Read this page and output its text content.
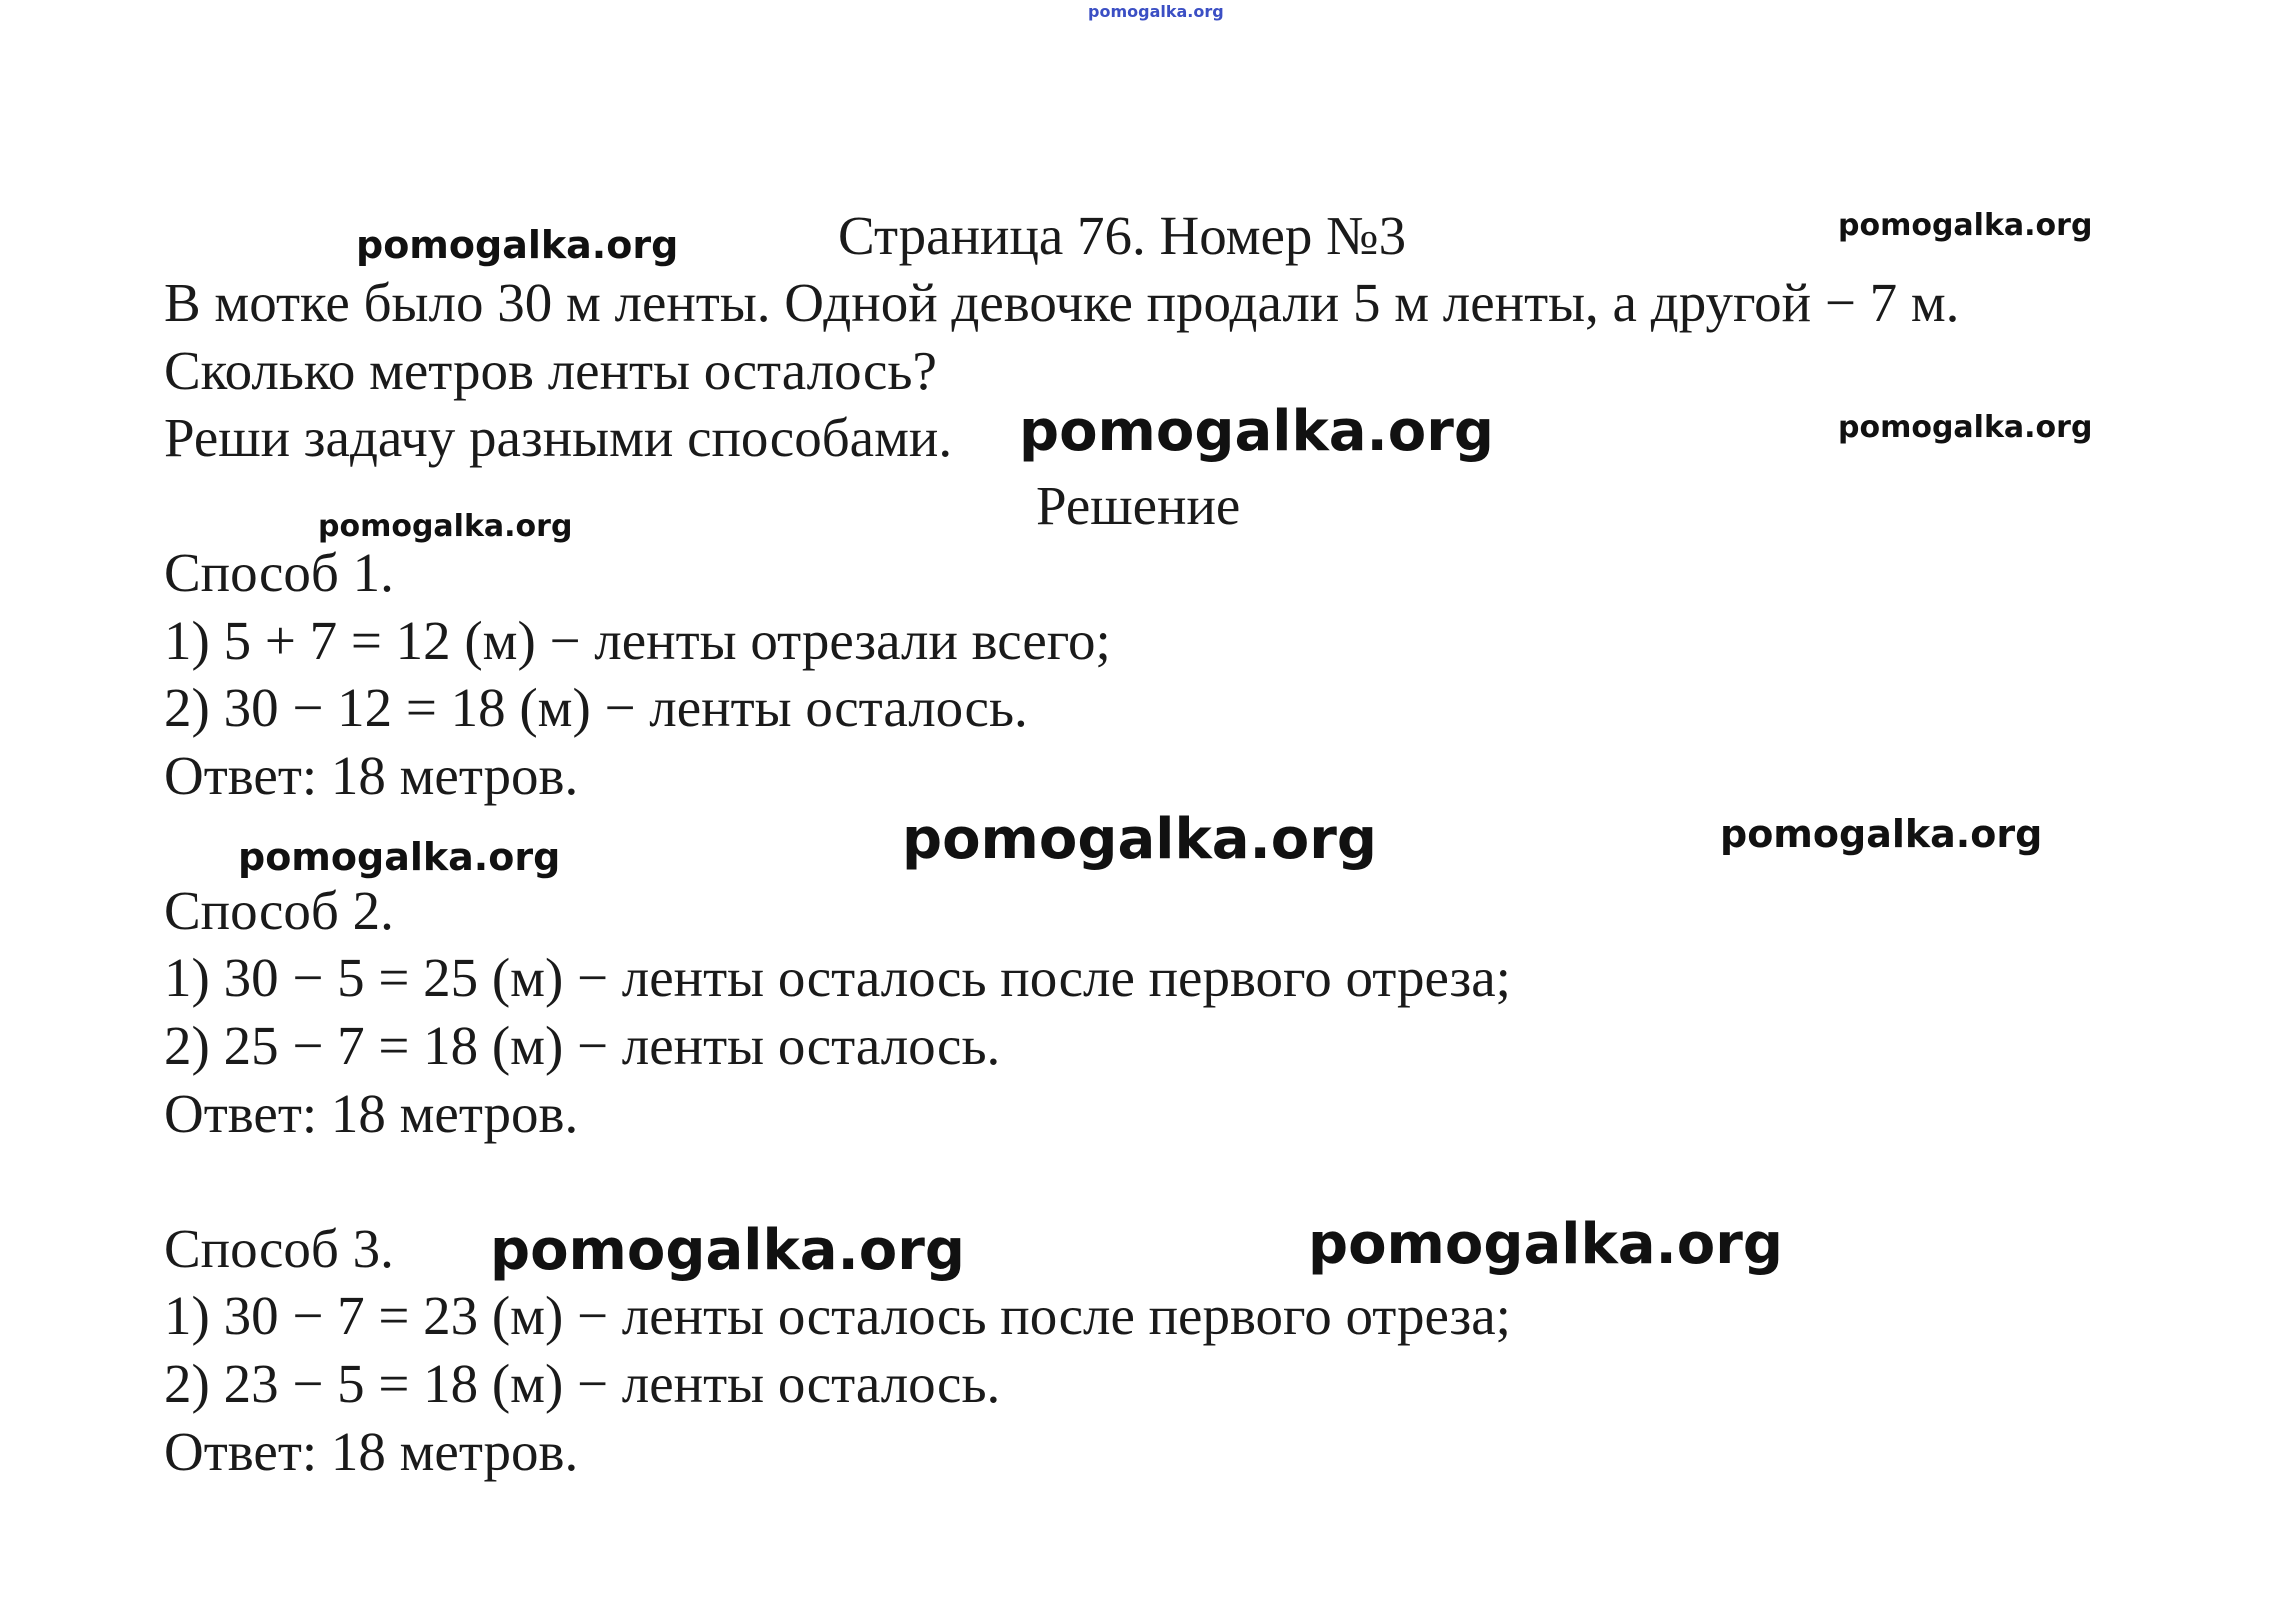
pomogalka.org
Страница 76. Номер №3
В мотке было 30 м ленты. Одной девочке продали 5 м ленты, а другой − 7 м.
Сколько метров ленты осталось?
Реши задачу разными способами.
Решение
Способ 1.
1) 5 + 7 = 12 (м) − ленты отрезали всего;
2) 30 − 12 = 18 (м) − ленты осталось.
Ответ: 18 метров.
Способ 2.
1) 30 − 5 = 25 (м) − ленты осталось после первого отреза;
2) 25 − 7 = 18 (м) − ленты осталось.
Ответ: 18 метров.
Способ 3.
1) 30 − 7 = 23 (м) − ленты осталось после первого отреза;
2) 23 − 5 = 18 (м) − ленты осталось.
Ответ: 18 метров.
pomogalka.org	pomogalka.org
pomogalka.org	pomogalka.org
pomogalka.org
pomogalka.org	pomogalka.org	pomogalka.org
pomogalka.org	pomogalka.org
